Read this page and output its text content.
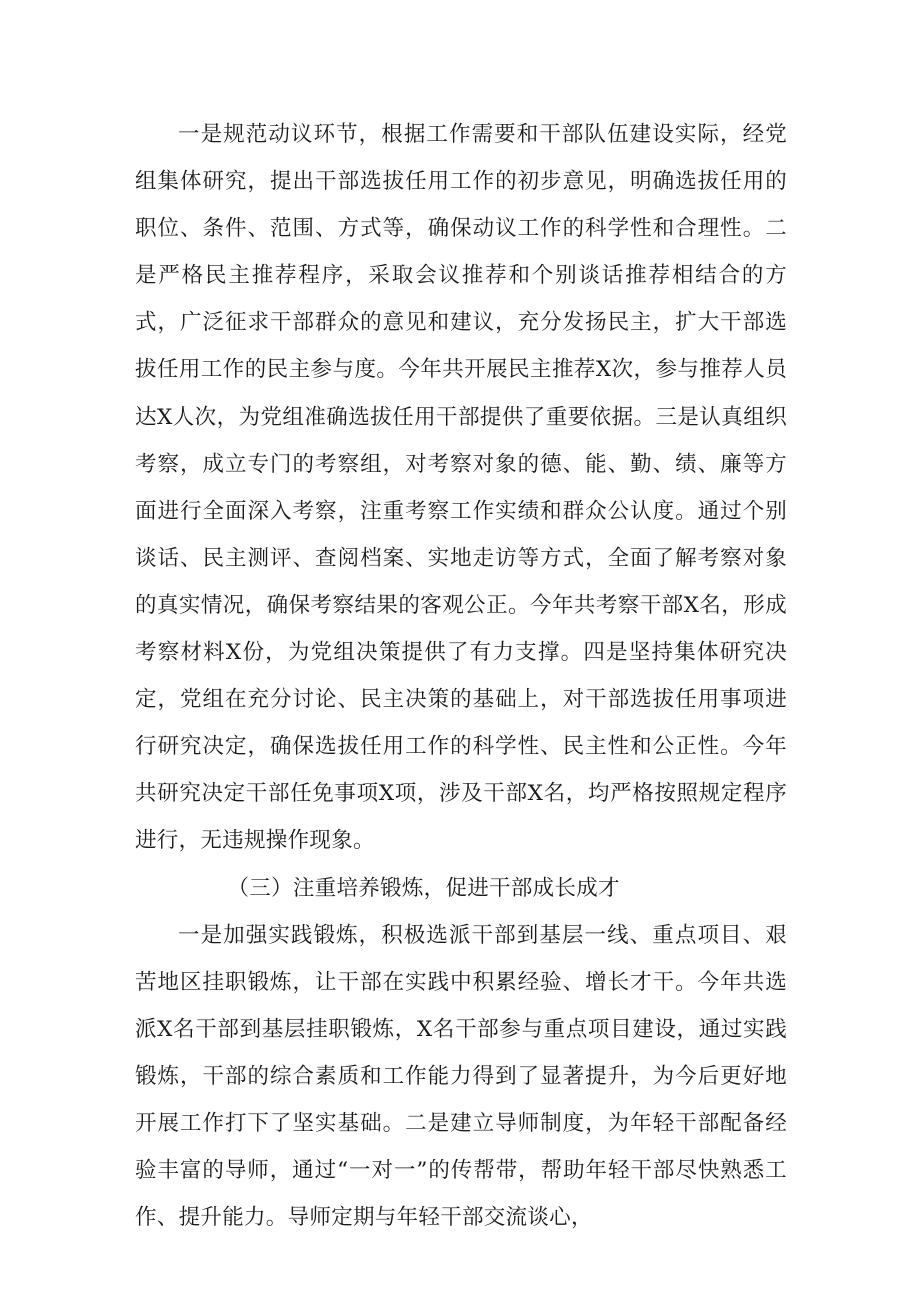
一是规范动议环节，根据工作需要和干部队伍建设实际，经党组集体研究，提出干部选拔任用工作的初步意见，明确选拔任用的职位、条件、范围、方式等，确保动议工作的科学性和合理性。二是严格民主推荐程序，采取会议推荐和个别谈话推荐相结合的方式，广泛征求干部群众的意见和建议，充分发扬民主，扩大干部选拔任用工作的民主参与度。今年共开展民主推荐X次，参与推荐人员达X人次，为党组准确选拔任用干部提供了重要依据。三是认真组织考察，成立专门的考察组，对考察对象的德、能、勤、绩、廉等方面进行全面深入考察，注重考察工作实绩和群众公认度。通过个别谈话、民主测评、查阅档案、实地走访等方式，全面了解考察对象的真实情况，确保考察结果的客观公正。今年共考察干部X名，形成考察材料X份，为党组决策提供了有力支撑。四是坚持集体研究决定，党组在充分讨论、民主决策的基础上，对干部选拔任用事项进行研究决定，确保选拔任用工作的科学性、民主性和公正性。今年共研究决定干部任免事项X项，涉及干部X名，均严格按照规定程序进行，无违规操作现象。

（三）注重培养锻炼，促进干部成长成才

一是加强实践锻炼，积极选派干部到基层一线、重点项目、艰苦地区挂职锻炼，让干部在实践中积累经验、增长才干。今年共选派X名干部到基层挂职锻炼，X名干部参与重点项目建设，通过实践锻炼，干部的综合素质和工作能力得到了显著提升，为今后更好地开展工作打下了坚实基础。二是建立导师制度，为年轻干部配备经验丰富的导师，通过“一对一”的传帮带，帮助年轻干部尽快熟悉工作、提升能力。导师定期与年轻干部交流谈心，
